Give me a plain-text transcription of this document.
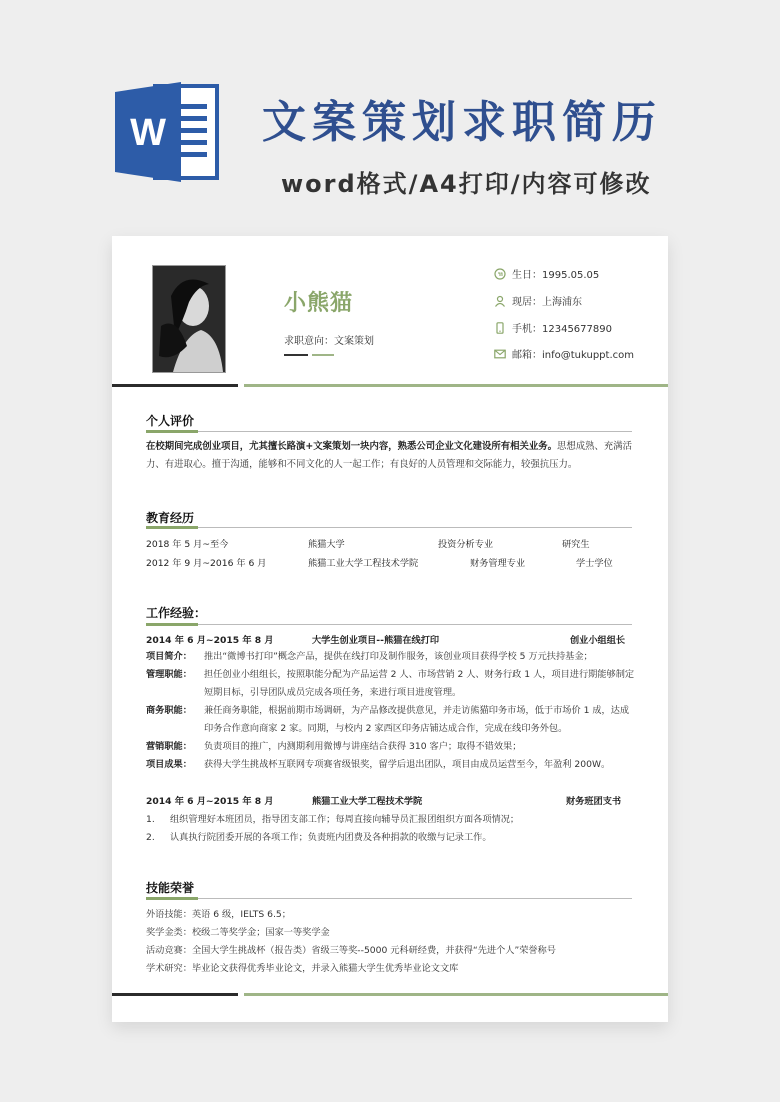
W 文案策划求职简历
word格式/A4打印/内容可修改
小熊猫
求职意向：文案策划
生日：1995.05.05
现居：上海浦东
手机：12345677890
邮箱：info@tukuppt.com
个人评价
在校期间完成创业项目，尤其擅长路演+文案策划一块内容，熟悉公司企业文化建设所有相关业务。思想成熟、充满活力、有进取心。擅于沟通，能够和不同文化的人一起工作；有良好的人员管理和交际能力，较强抗压力。
教育经历
2018 年 5 月~至今	熊猫大学	投资分析专业	研究生
2012 年 9 月~2016 年 6 月	熊猫工业大学工程技术学院	财务管理专业	学士学位
工作经验：
2014 年 6 月~2015 年 8 月	大学生创业项目--熊猫在线打印	创业小组组长
项目简介： 推出“微博书打印”概念产品，提供在线打印及制作服务，该创业项目获得学校 5 万元扶持基金；
管理职能： 担任创业小组组长，按照职能分配为产品运营 2 人、市场营销 2 人、财务行政 1 人，项目进行期能够制定短期目标，引导团队成员完成各项任务，来进行项目进度管理。
商务职能： 兼任商务职能，根据前期市场调研，为产品修改提供意见，并走访熊猫印务市场，低于市场价 1 成，达成印务合作意向商家 2 家。同期，与校内 2 家西区印务店铺达成合作，完成在线印务外包。
营销职能： 负责项目的推广，内测期利用微博与讲座结合获得 310 客户；取得不错效果；
项目成果： 获得大学生挑战杯互联网专项赛省级银奖，留学后退出团队，项目由成员运营至今，年盈利 200W。
2014 年 6 月~2015 年 8 月	熊猫工业大学工程技术学院	财务班团支书
1. 组织管理好本班团员，指导团支部工作；每周直接向辅导员汇报团组织方面各项情况；
2. 认真执行院团委开展的各项工作；负责班内团费及各种捐款的收缴与记录工作。
技能荣誉
外语技能：英语 6 级，IELTS 6.5；
奖学金类：校级二等奖学金；国家一等奖学金
活动竞赛：全国大学生挑战杯（报告类）省级三等奖--5000 元科研经费，并获得“先进个人”荣誉称号
学术研究：毕业论文获得优秀毕业论文，并录入熊猫大学生优秀毕业论文文库
